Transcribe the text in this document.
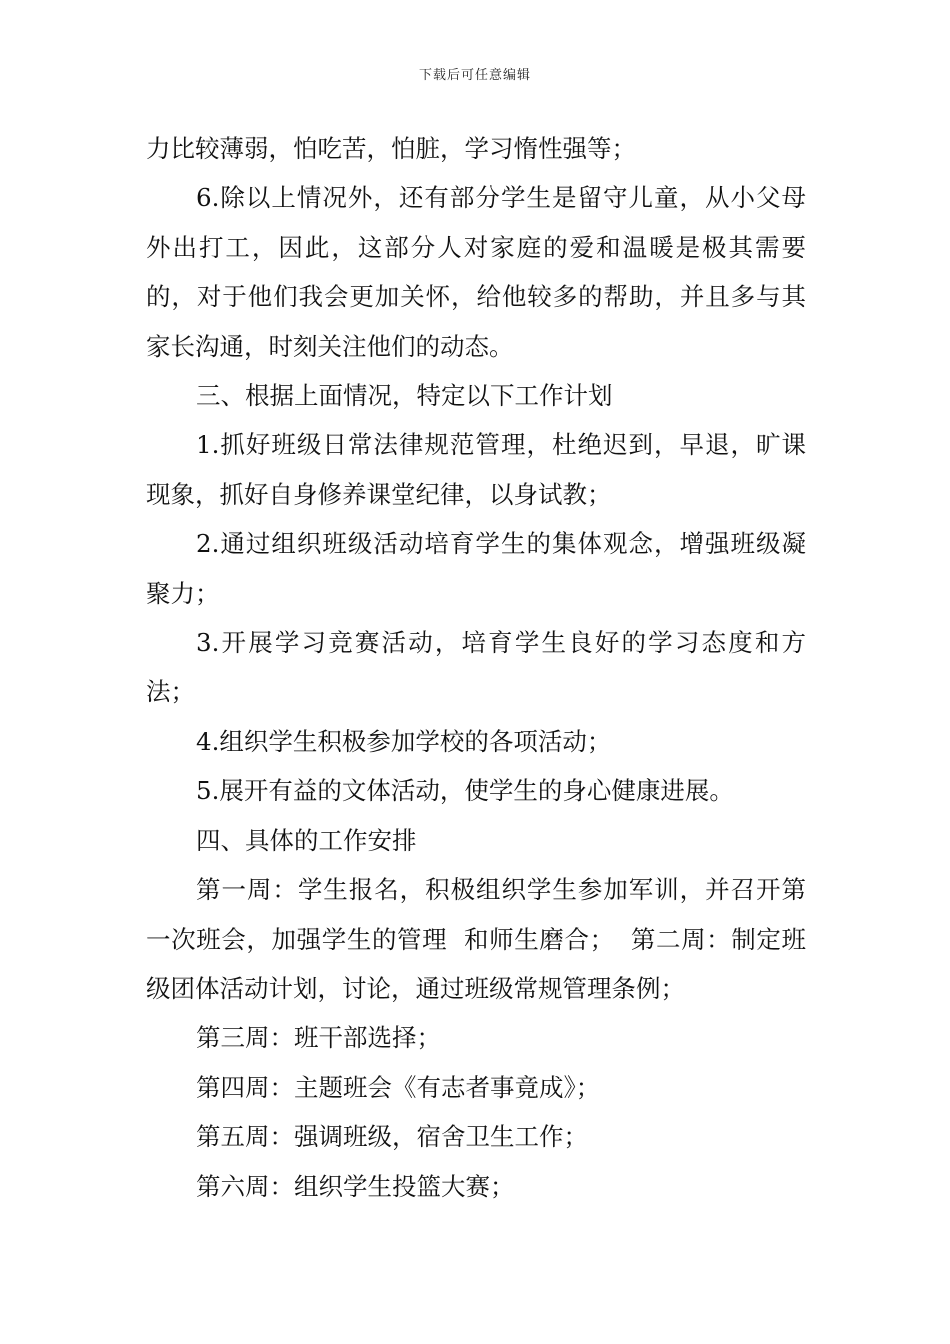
下载后可任意编辑

力比较薄弱，怕吃苦，怕脏，学习惰性强等；

6.除以上情况外，还有部分学生是留守儿童，从小父母外出打工，因此，这部分人对家庭的爱和温暖是极其需要的，对于他们我会更加关怀，给他较多的帮助，并且多与其家长沟通，时刻关注他们的动态。

三、根据上面情况，特定以下工作计划

1.抓好班级日常法律规范管理，杜绝迟到，早退，旷课现象，抓好自身修养课堂纪律，以身试教；

2.通过组织班级活动培育学生的集体观念，增强班级凝聚力；

3.开展学习竞赛活动，培育学生良好的学习态度和方法；

4.组织学生积极参加学校的各项活动；

5.展开有益的文体活动，使学生的身心健康进展。

四、具体的工作安排

第一周：学生报名，积极组织学生参加军训，并召开第一次班会，加强学生的管理  和师生磨合；  第二周：制定班级团体活动计划，讨论，通过班级常规管理条例；

第三周：班干部选择；

第四周：主题班会《有志者事竟成》；

第五周：强调班级，宿舍卫生工作；

第六周：组织学生投篮大赛；
